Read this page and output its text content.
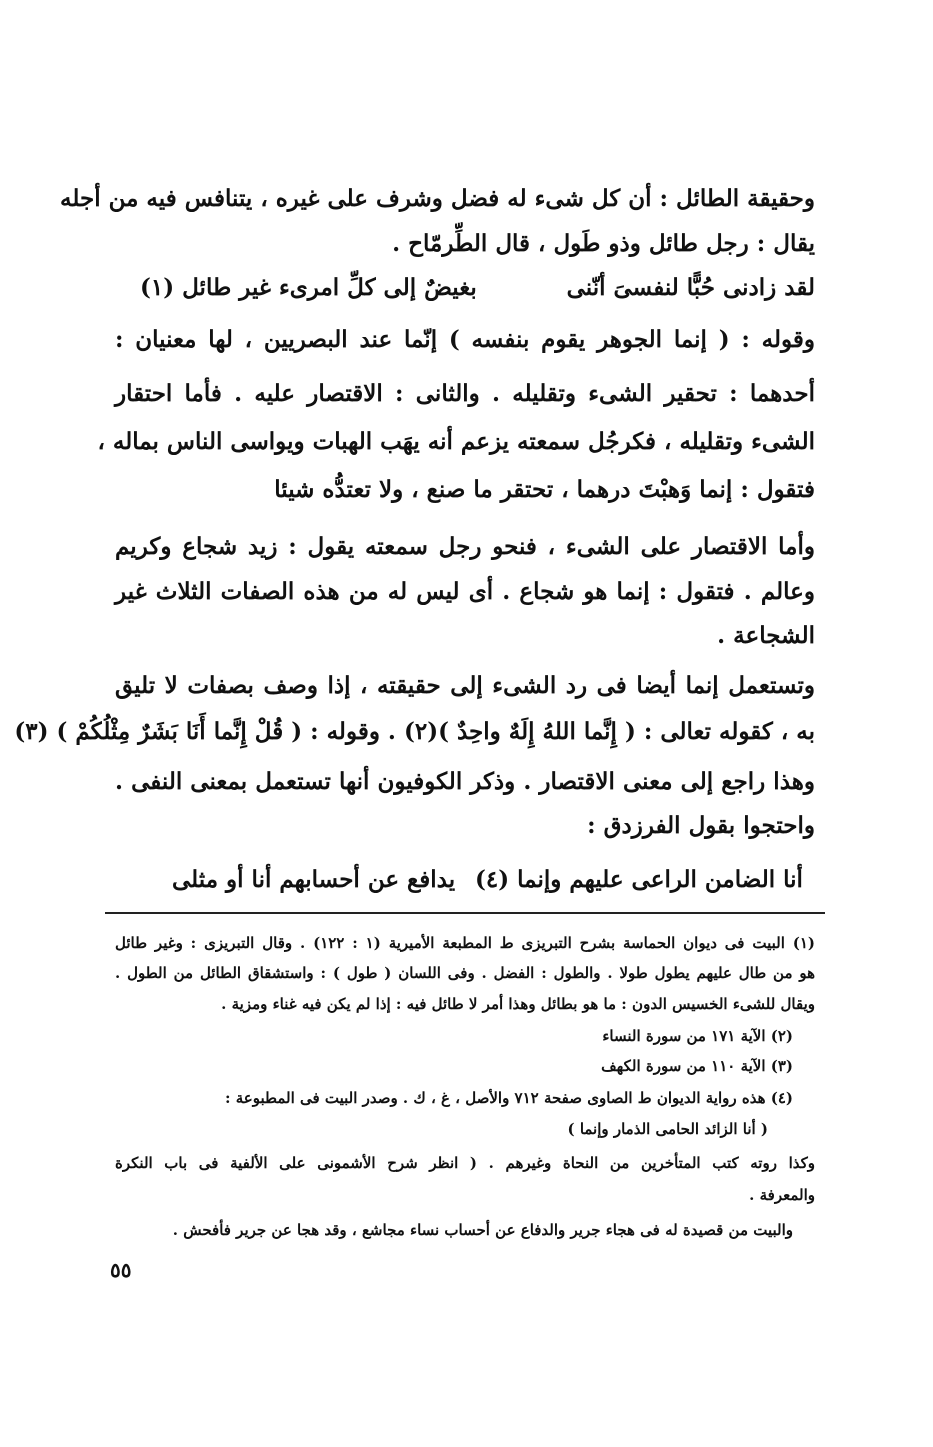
وحقيقة الطائل : أن كل شىء له فضل وشرف على غيره ، يتنافس فيه من أجله
يقال : رجل طائل وذو طَول ، قال الطِّرمّاح .
لقد زادنى حُبًّا لنفسىَ أنّنى
بغيضٌ إلى كلِّ امرىء غير طائل (١)
وقوله : ( إنما الجوهر يقوم بنفسه ) إنّما عند البصريين ، لها معنيان :
أحدهما : تحقير الشىء وتقليله . والثانى : الاقتصار عليه . فأما احتقار
الشىء وتقليله ، فكرجُل سمعته يزعم أنه يهَب الهبات ويواسى الناس بماله ،
فتقول : إنما وَهبْتَ درهما ، تحتقر ما صنع ، ولا تعتدُّه شيئا
وأما الاقتصار على الشىء ، فنحو رجل سمعته يقول : زيد شجاع وكريم
وعالم . فتقول : إنما هو شجاع . أى ليس له من هذه الصفات الثلاث غير
الشجاعة .
وتستعمل إنما أيضا فى رد الشىء إلى حقيقته ، إذا وصف بصفات لا تليق
به ، كقوله تعالى : ( إِنَّما اللهُ إِلَهٌ واحِدٌ )(٢) . وقوله : ( قُلْ إِنَّما أَنَا بَشَرٌ مِثْلُكُمْ ) (٣)
وهذا راجع إلى معنى الاقتصار . وذكر الكوفيون أنها تستعمل بمعنى النفى .
واحتجوا بقول الفرزدق :
أنا الضامن الراعى عليهم وإنما (٤)
يدافع عن أحسابهم أنا أو مثلى
(١) البيت فى ديوان الحماسة بشرح التبريزى ط المطبعة الأميرية (١ : ١٢٢) . وقال التبريزى : وغير طائل
هو من طال عليهم يطول طولا . والطول : الفضل . وفى اللسان ( طول ) : واستشقاق الطائل من الطول .
ويقال للشىء الخسيس الدون : ما هو بطائل وهذا أمر لا طائل فيه : إذا لم يكن فيه غناء ومزية .
(٢) الآية ١٧١ من سورة النساء
(٣) الآية ١١٠ من سورة الكهف
(٤) هذه رواية الديوان ط الصاوى صفحة ٧١٢ والأصل ، غ ، ك . وصدر البيت فى المطبوعة :
( أنا الزائد الحامى الذمار وإنما )
وكذا روته كتب المتأخرين من النحاة وغيرهم . ( انظر شرح الأشمونى على الألفية فى باب النكرة
والمعرفة .
والبيت من قصيدة له فى هجاء جرير والدفاع عن أحساب نساء مجاشع ، وقد هجا عن جرير فأفحش .
٥٥
